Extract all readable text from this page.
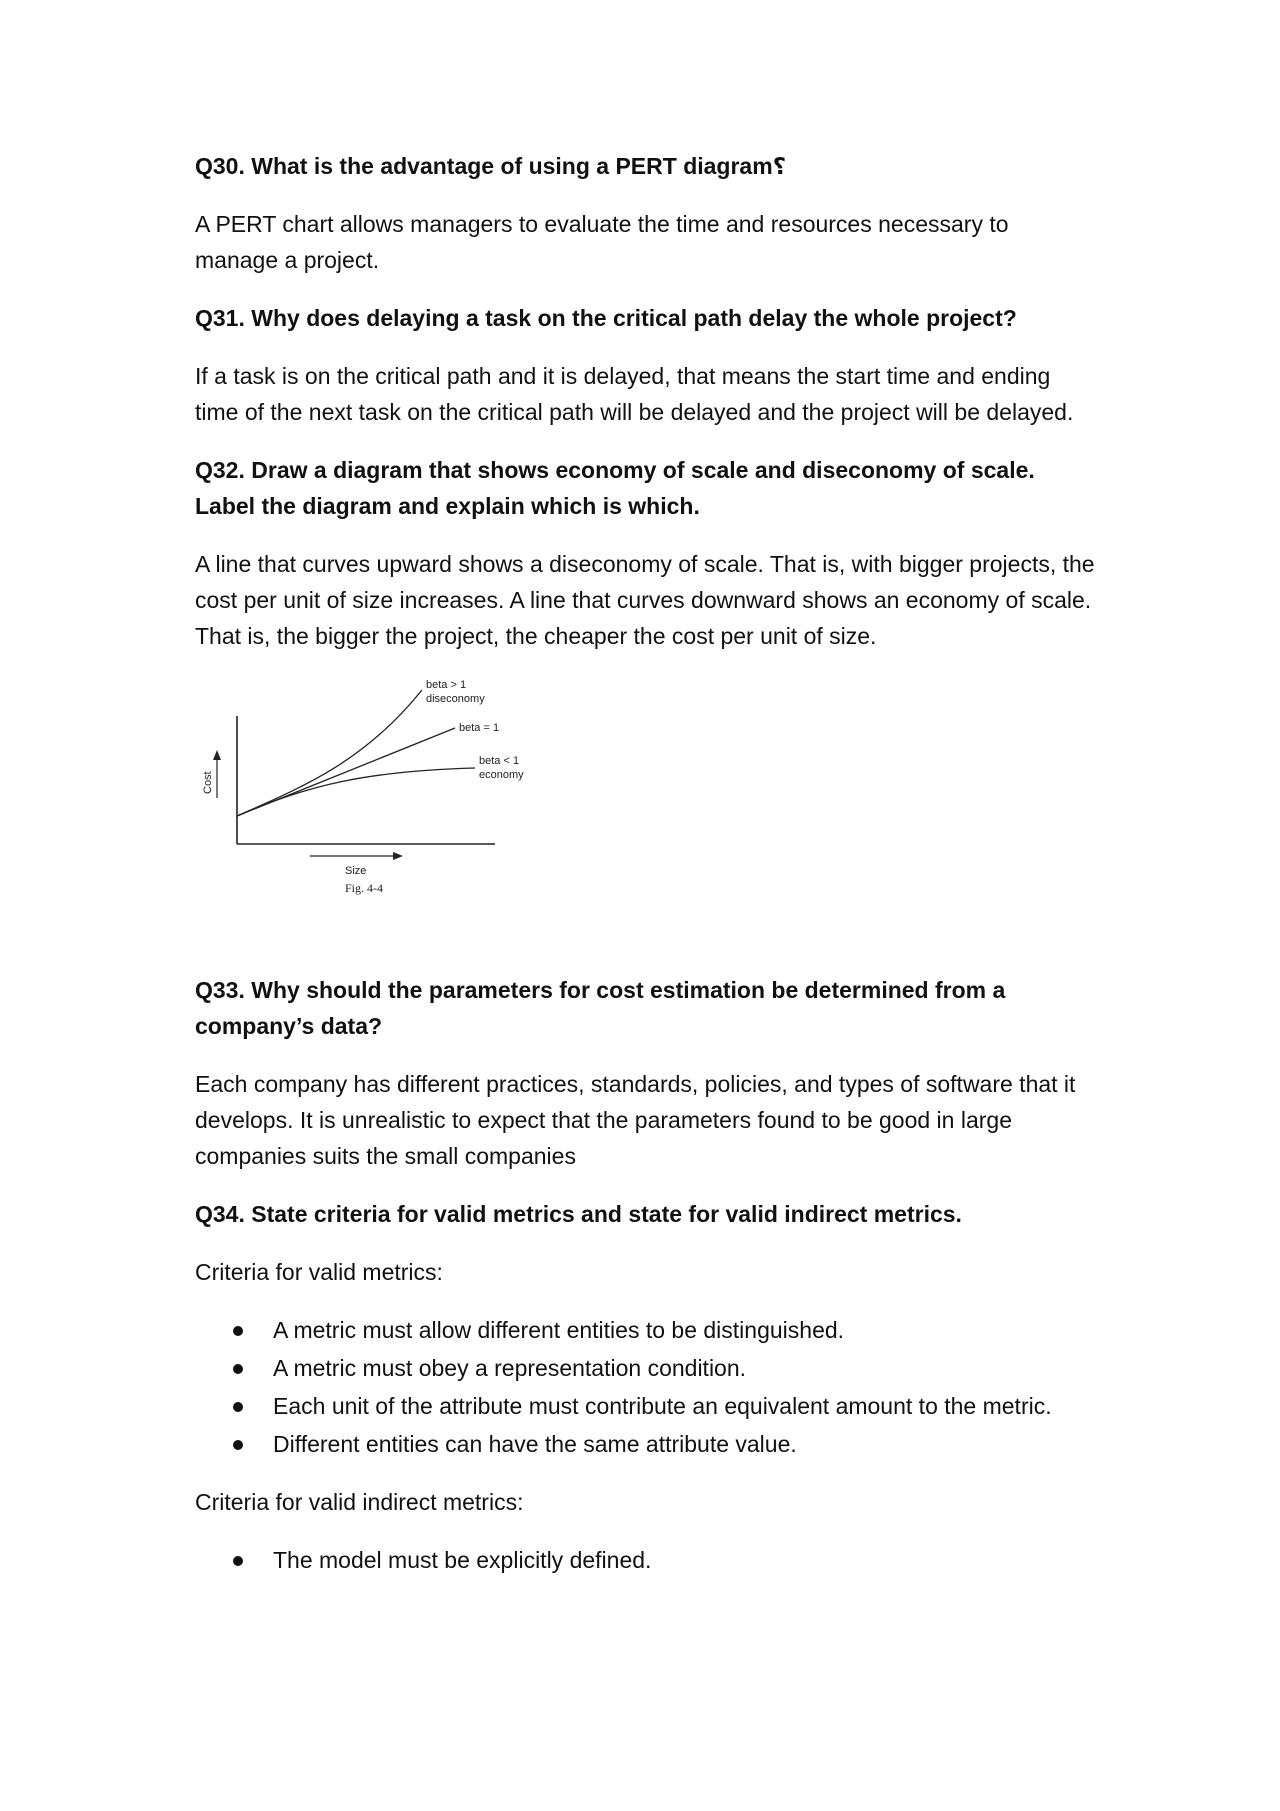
Q30. What is the advantage of using a PERT diagram؟

A PERT chart allows managers to evaluate the time and resources necessary to manage a project.

Q31. Why does delaying a task on the critical path delay the whole project?

If a task is on the critical path and it is delayed, that means the start time and ending time of the next task on the critical path will be delayed and the project will be delayed.

Q32. Draw a diagram that shows economy of scale and diseconomy of scale. Label the diagram and explain which is which.

A line that curves upward shows a diseconomy of scale. That is, with bigger projects, the cost per unit of size increases. A line that curves downward shows an economy of scale. That is, the bigger the project, the cheaper the cost per unit of size.

beta > 1
diseconomy
beta = 1
beta < 1
economy
Cost
Size
Fig. 4-4
Q33. Why should the parameters for cost estimation be determined from a company’s data?

Each company has different practices, standards, policies, and types of software that it develops. It is unrealistic to expect that the parameters found to be good in large companies suits the small companies

Q34. State criteria for valid metrics and state for valid indirect metrics.

Criteria for valid metrics:

A metric must allow different entities to be distinguished.
A metric must obey a representation condition.
Each unit of the attribute must contribute an equivalent amount to the metric.
Different entities can have the same attribute value.

Criteria for valid indirect metrics:

The model must be explicitly defined.
